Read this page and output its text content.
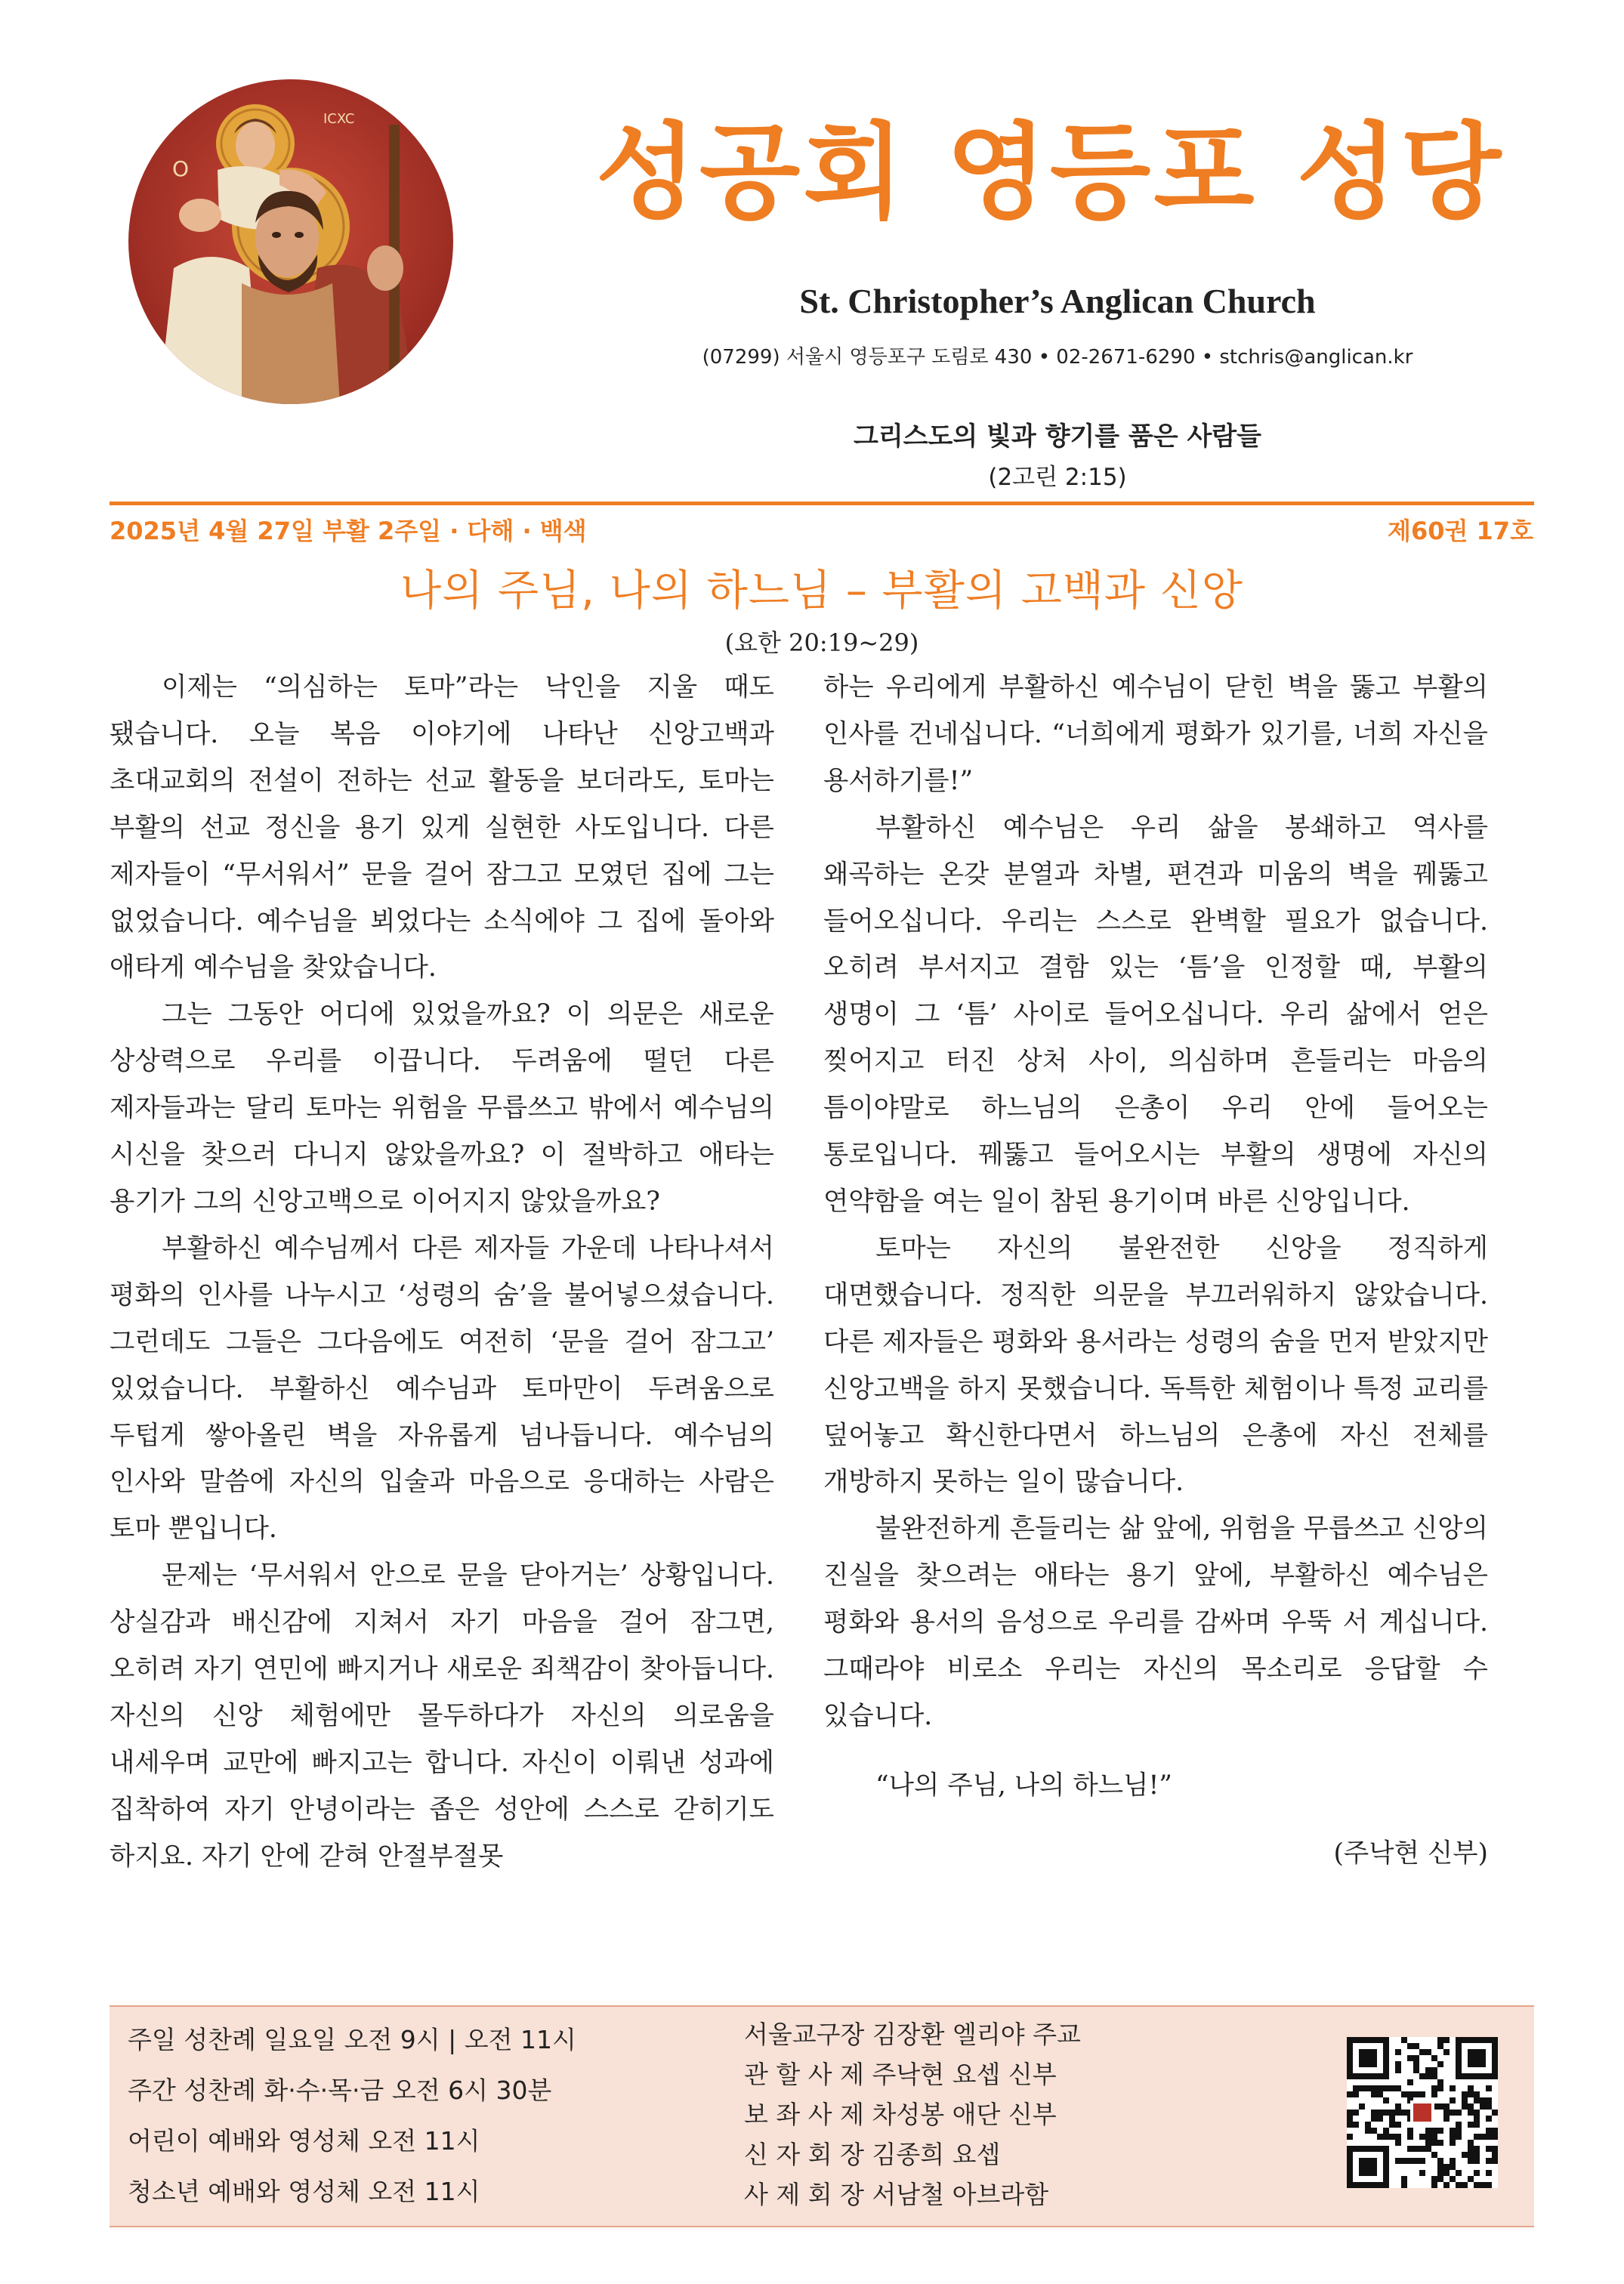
ICXC
O	성공회 영등포 성당
St. Christopher’s Anglican Church
(07299) 서울시 영등포구 도림로 430 • 02-2671-6290 • stchris@anglican.kr
그리스도의 빛과 향기를 품은 사람들
(2고린 2:15)
2025년 4월 27일 부활 2주일 · 다해 · 백색	제60권 17호
나의 주님, 나의 하느님 – 부활의 고백과 신앙
(요한 20:19~29)

이제는 “의심하는 토마”라는 낙인을 지울 때도 됐습니다. 오늘 복음 이야기에 나타난 신앙고백과 초대교회의 전설이 전하는 선교 활동을 보더라도, 토마는 부활의 선교 정신을 용기 있게 실현한 사도입니다. 다른 제자들이 “무서워서” 문을 걸어 잠그고 모였던 집에 그는 없었습니다. 예수님을 뵈었다는 소식에야 그 집에 돌아와 애타게 예수님을 찾았습니다.

그는 그동안 어디에 있었을까요? 이 의문은 새로운 상상력으로 우리를 이끕니다. 두려움에 떨던 다른 제자들과는 달리 토마는 위험을 무릅쓰고 밖에서 예수님의 시신을 찾으러 다니지 않았을까요? 이 절박하고 애타는 용기가 그의 신앙고백으로 이어지지 않았을까요?

부활하신 예수님께서 다른 제자들 가운데 나타나셔서 평화의 인사를 나누시고 ‘성령의 숨’을 불어넣으셨습니다. 그런데도 그들은 그다음에도 여전히 ‘문을 걸어 잠그고’ 있었습니다. 부활하신 예수님과 토마만이 두려움으로 두텁게 쌓아올린 벽을 자유롭게 넘나듭니다. 예수님의 인사와 말씀에 자신의 입술과 마음으로 응대하는 사람은 토마 뿐입니다.

문제는 ‘무서워서 안으로 문을 닫아거는’ 상황입니다. 상실감과 배신감에 지쳐서 자기 마음을 걸어 잠그면, 오히려 자기 연민에 빠지거나 새로운 죄책감이 찾아듭니다. 자신의 신앙 체험에만 몰두하다가 자신의 의로움을 내세우며 교만에 빠지고는 합니다. 자신이 이뤄낸 성과에 집착하여 자기 안녕이라는 좁은 성안에 스스로 갇히기도 하지요. 자기 안에 갇혀 안절부절못

하는 우리에게 부활하신 예수님이 닫힌 벽을 뚫고 부활의 인사를 건네십니다. “너희에게 평화가 있기를, 너희 자신을 용서하기를!”

부활하신 예수님은 우리 삶을 봉쇄하고 역사를 왜곡하는 온갖 분열과 차별, 편견과 미움의 벽을 꿰뚫고 들어오십니다. 우리는 스스로 완벽할 필요가 없습니다. 오히려 부서지고 결함 있는 ‘틈’을 인정할 때, 부활의 생명이 그 ‘틈’ 사이로 들어오십니다. 우리 삶에서 얻은 찢어지고 터진 상처 사이, 의심하며 흔들리는 마음의 틈이야말로 하느님의 은총이 우리 안에 들어오는 통로입니다. 꿰뚫고 들어오시는 부활의 생명에 자신의 연약함을 여는 일이 참된 용기이며 바른 신앙입니다.

토마는 자신의 불완전한 신앙을 정직하게 대면했습니다. 정직한 의문을 부끄러워하지 않았습니다. 다른 제자들은 평화와 용서라는 성령의 숨을 먼저 받았지만 신앙고백을 하지 못했습니다. 독특한 체험이나 특정 교리를 덮어놓고 확신한다면서 하느님의 은총에 자신 전체를 개방하지 못하는 일이 많습니다.

불완전하게 흔들리는 삶 앞에, 위험을 무릅쓰고 신앙의 진실을 찾으려는 애타는 용기 앞에, 부활하신 예수님은 평화와 용서의 음성으로 우리를 감싸며 우뚝 서 계십니다. 그때라야 비로소 우리는 자신의 목소리로 응답할 수 있습니다.

“나의 주님, 나의 하느님!”

(주낙현 신부)

주일 성찬례 일요일 오전 9시 | 오전 11시
주간 성찬례 화·수·목·금 오전 6시 30분
어린이 예배와 영성체 오전 11시
청소년 예배와 영성체 오전 11시
서울교구장 김장환 엘리야 주교
관 할 사 제 주낙현 요셉 신부
보 좌 사 제 차성봉 애단 신부
신 자 회 장 김종희 요셉
사 제 회 장 서남철 아브라함
